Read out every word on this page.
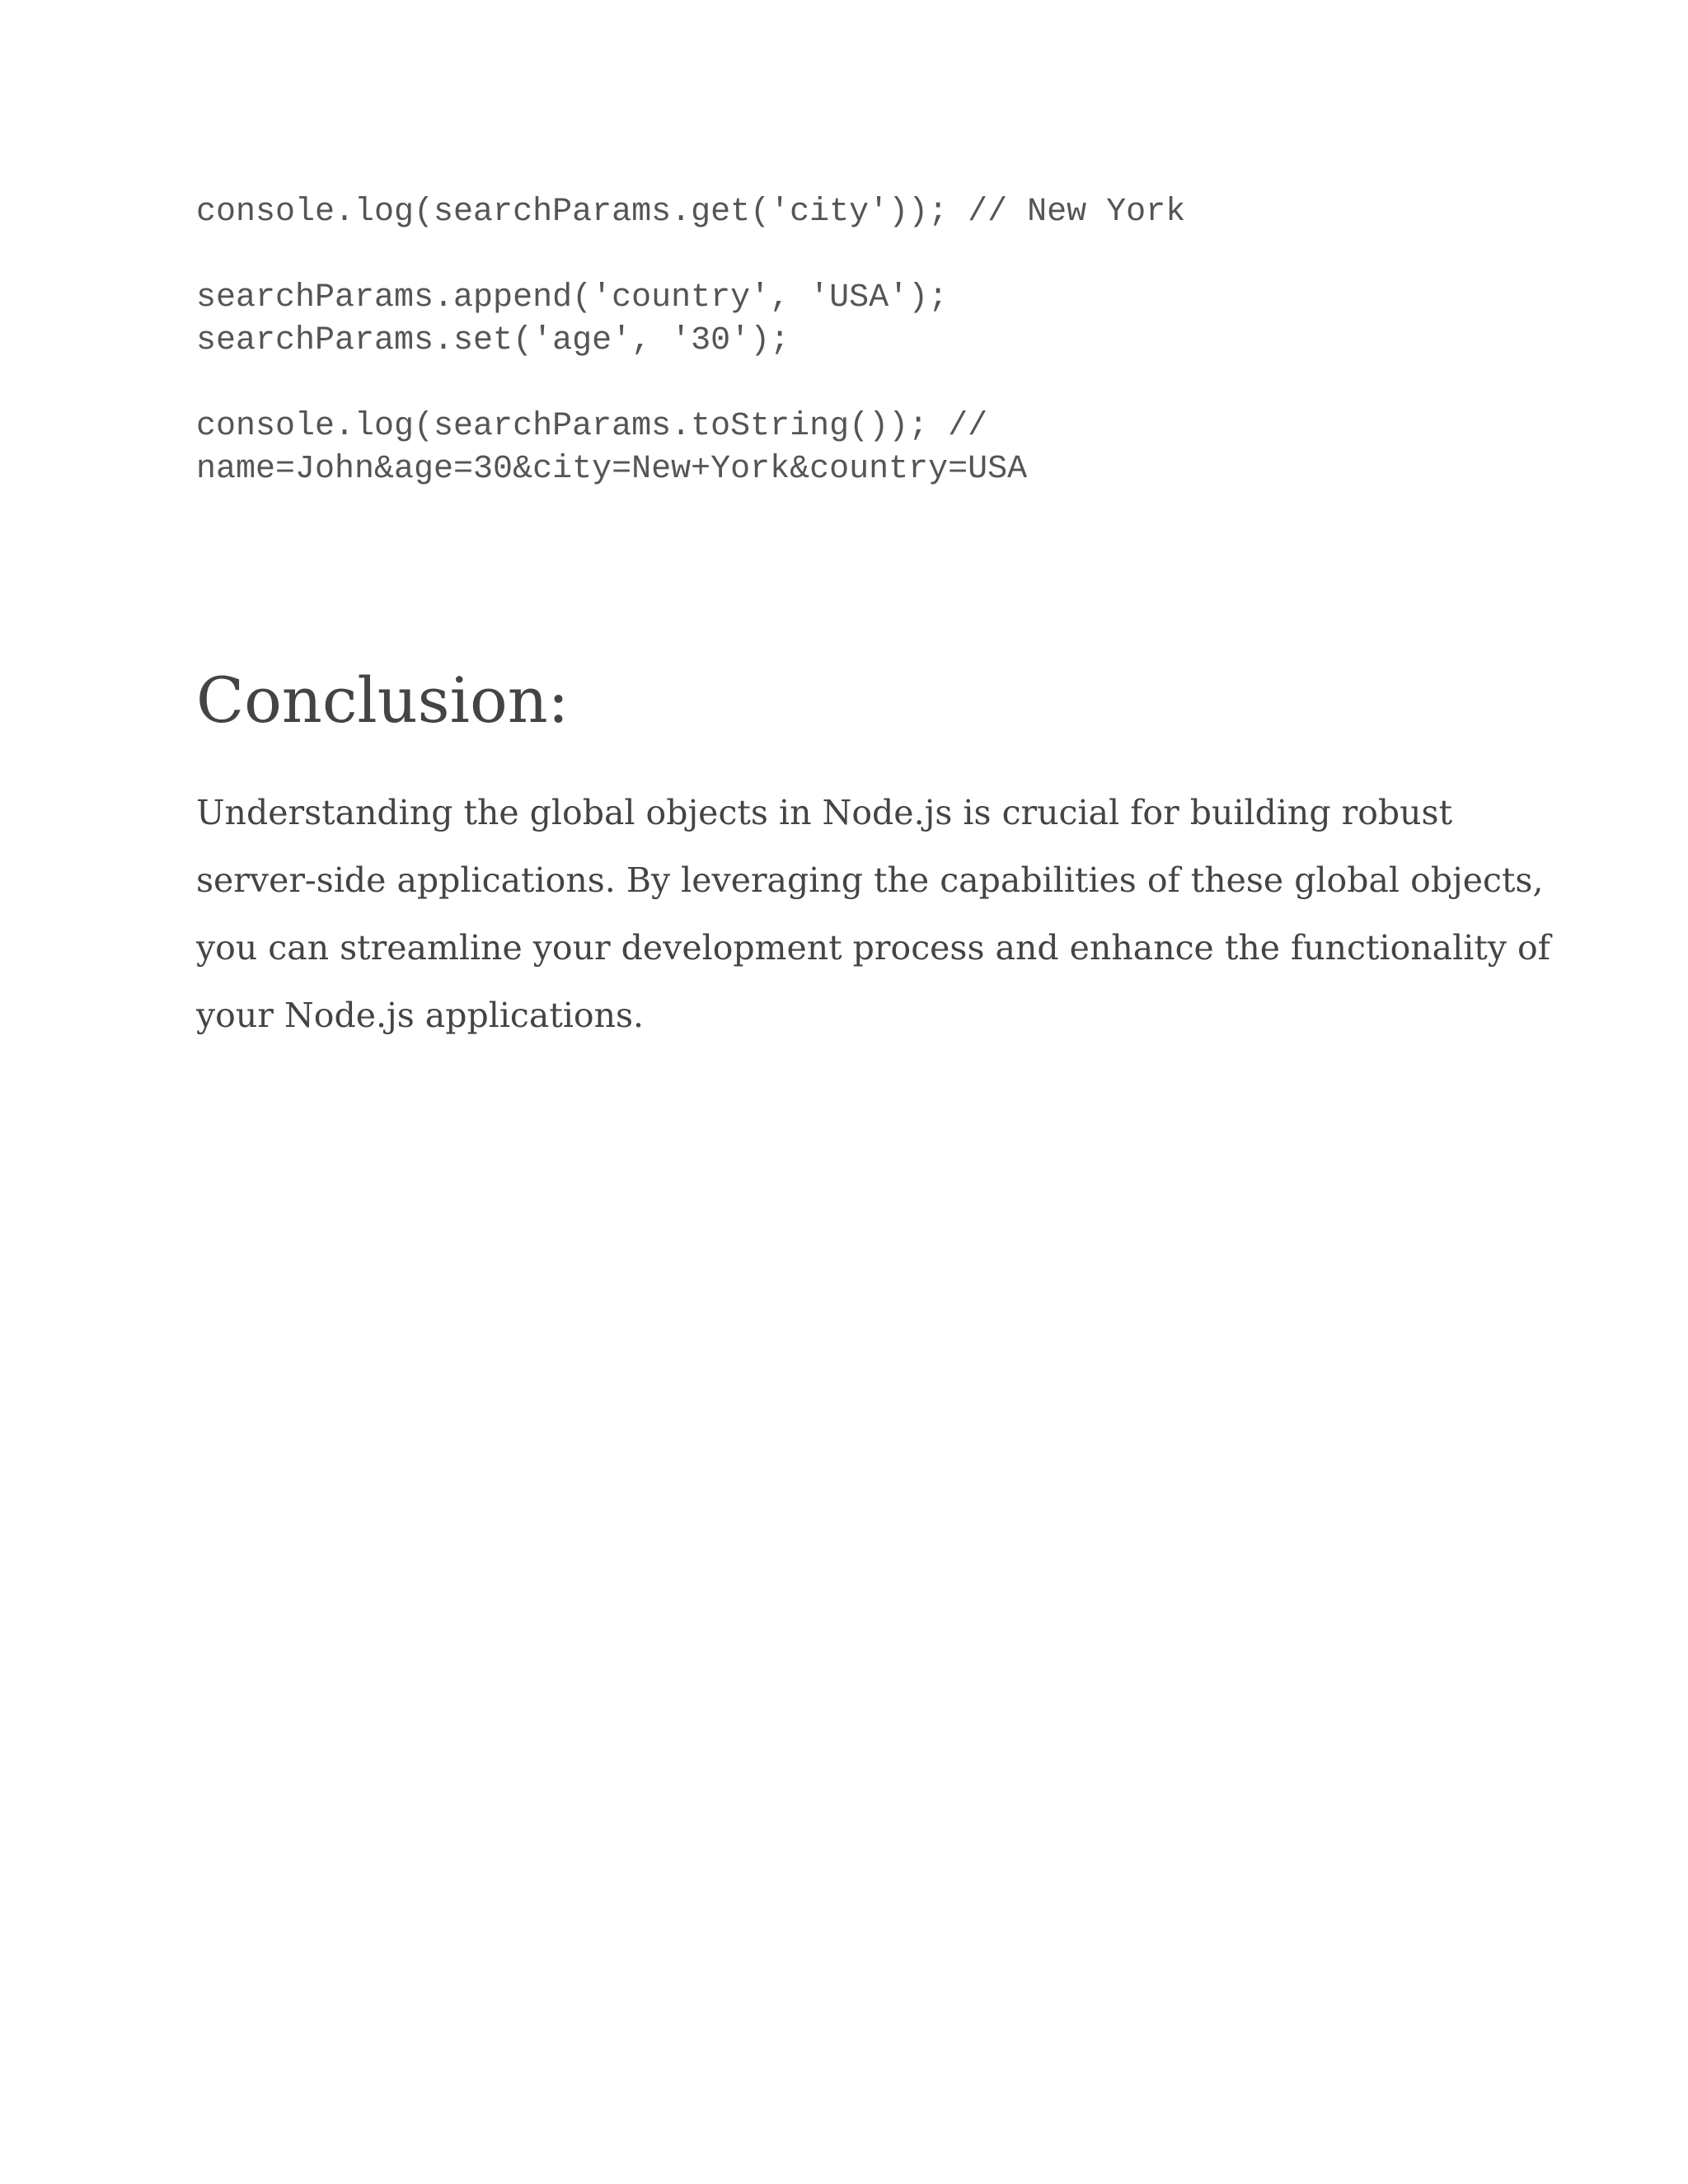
console.log(searchParams.get('city')); // New York
searchParams.append('country', 'USA');
searchParams.set('age', '30');
console.log(searchParams.toString()); //
name=John&age=30&city=New+York&country=USA
Conclusion:

Understanding the global objects in Node.js is crucial for building robust
server-side applications. By leveraging the capabilities of these global objects,
you can streamline your development process and enhance the functionality of
your Node.js applications.
